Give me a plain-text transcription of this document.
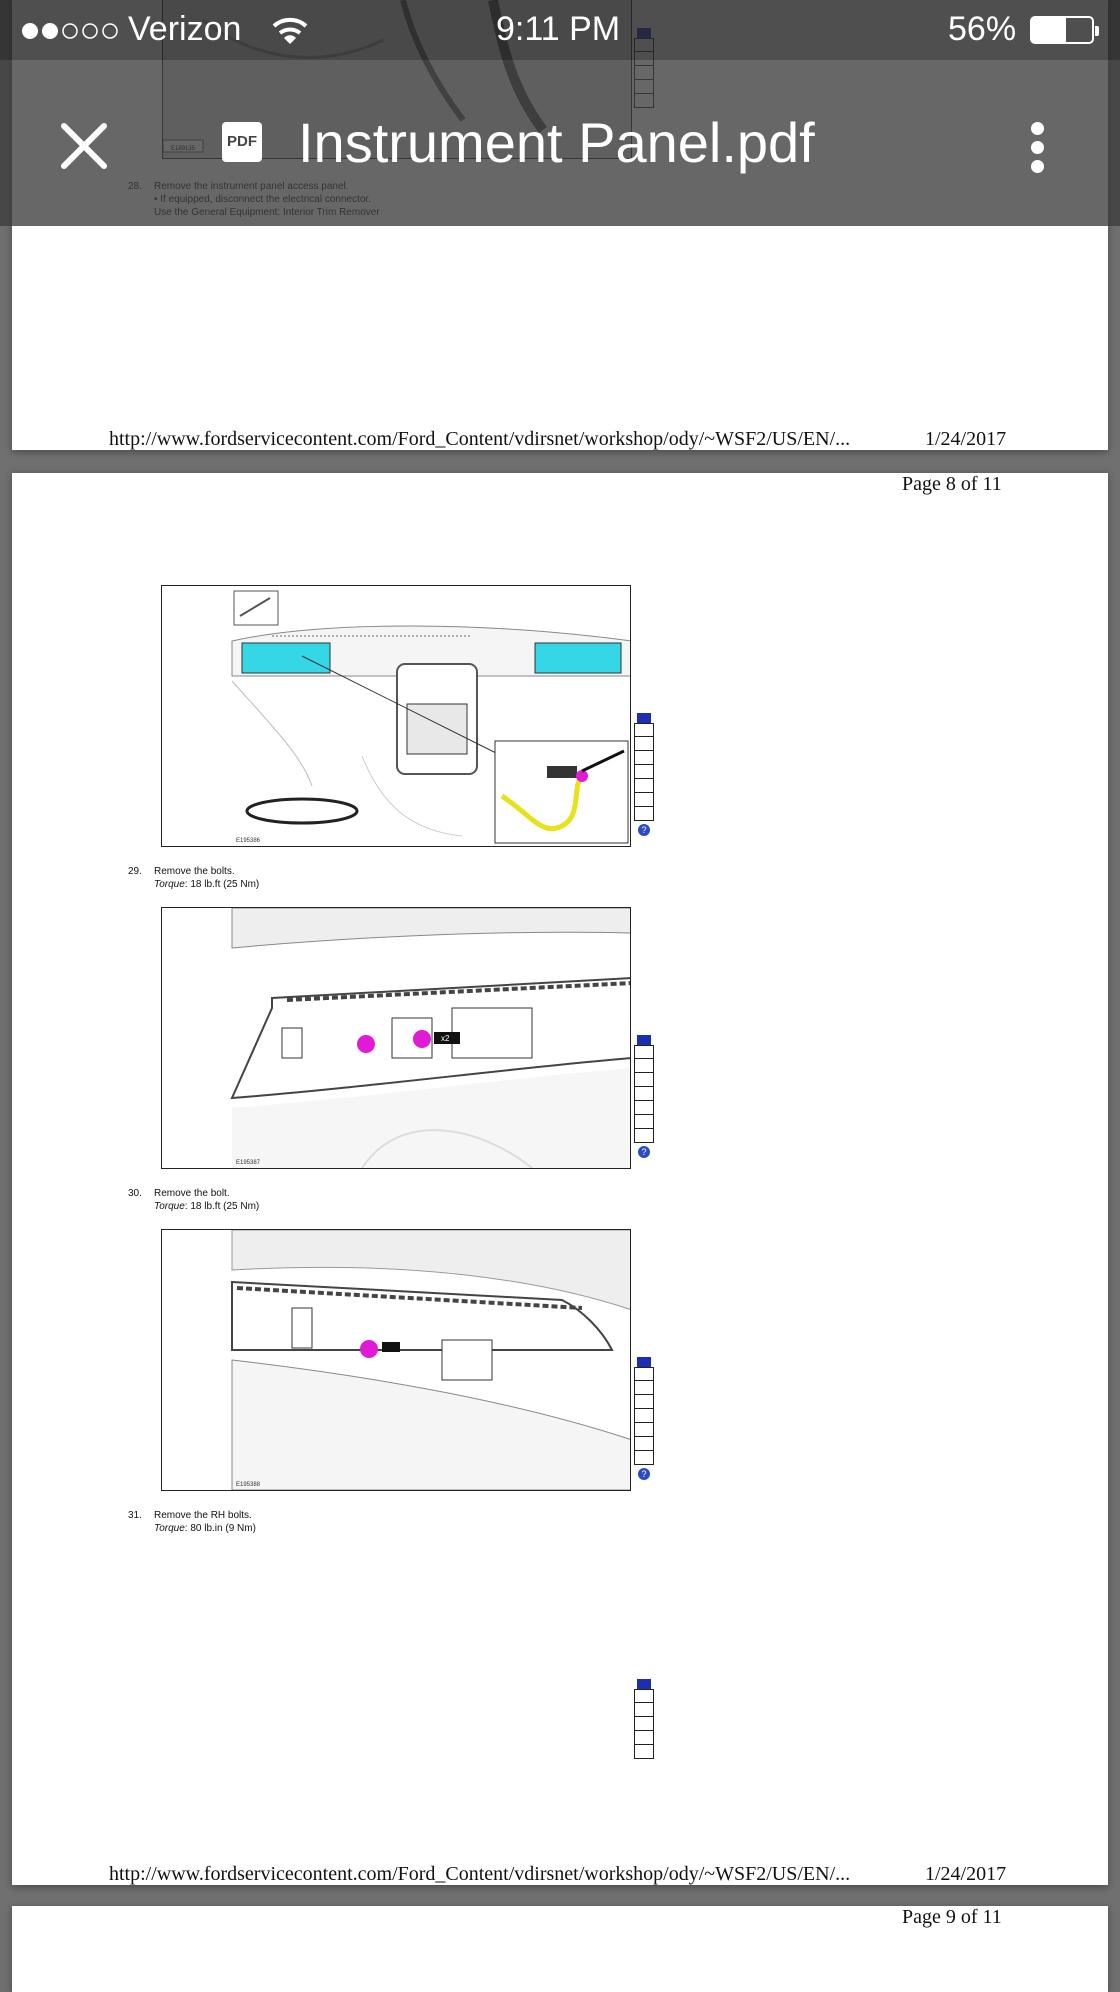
http://www.fordservicecontent.com/Ford_Content/vdirsnet/workshop/ody/~WSF2/US/EN/...	1/24/2017
Page 8 of 11
E195386
?
29. Remove the bolts.
Torque: 18 lb.ft (25 Nm)
x2
E195387
?
30. Remove the bolt.
Torque: 18 lb.ft (25 Nm)
E195388
?
31. Remove the RH bolts.
Torque: 80 lb.in (9 Nm)
http://www.fordservicecontent.com/Ford_Content/vdirsnet/workshop/ody/~WSF2/US/EN/...	1/24/2017
Page 9 of 11
Verizon	9:11 PM	56%
PDF Instrument Panel.pdf
